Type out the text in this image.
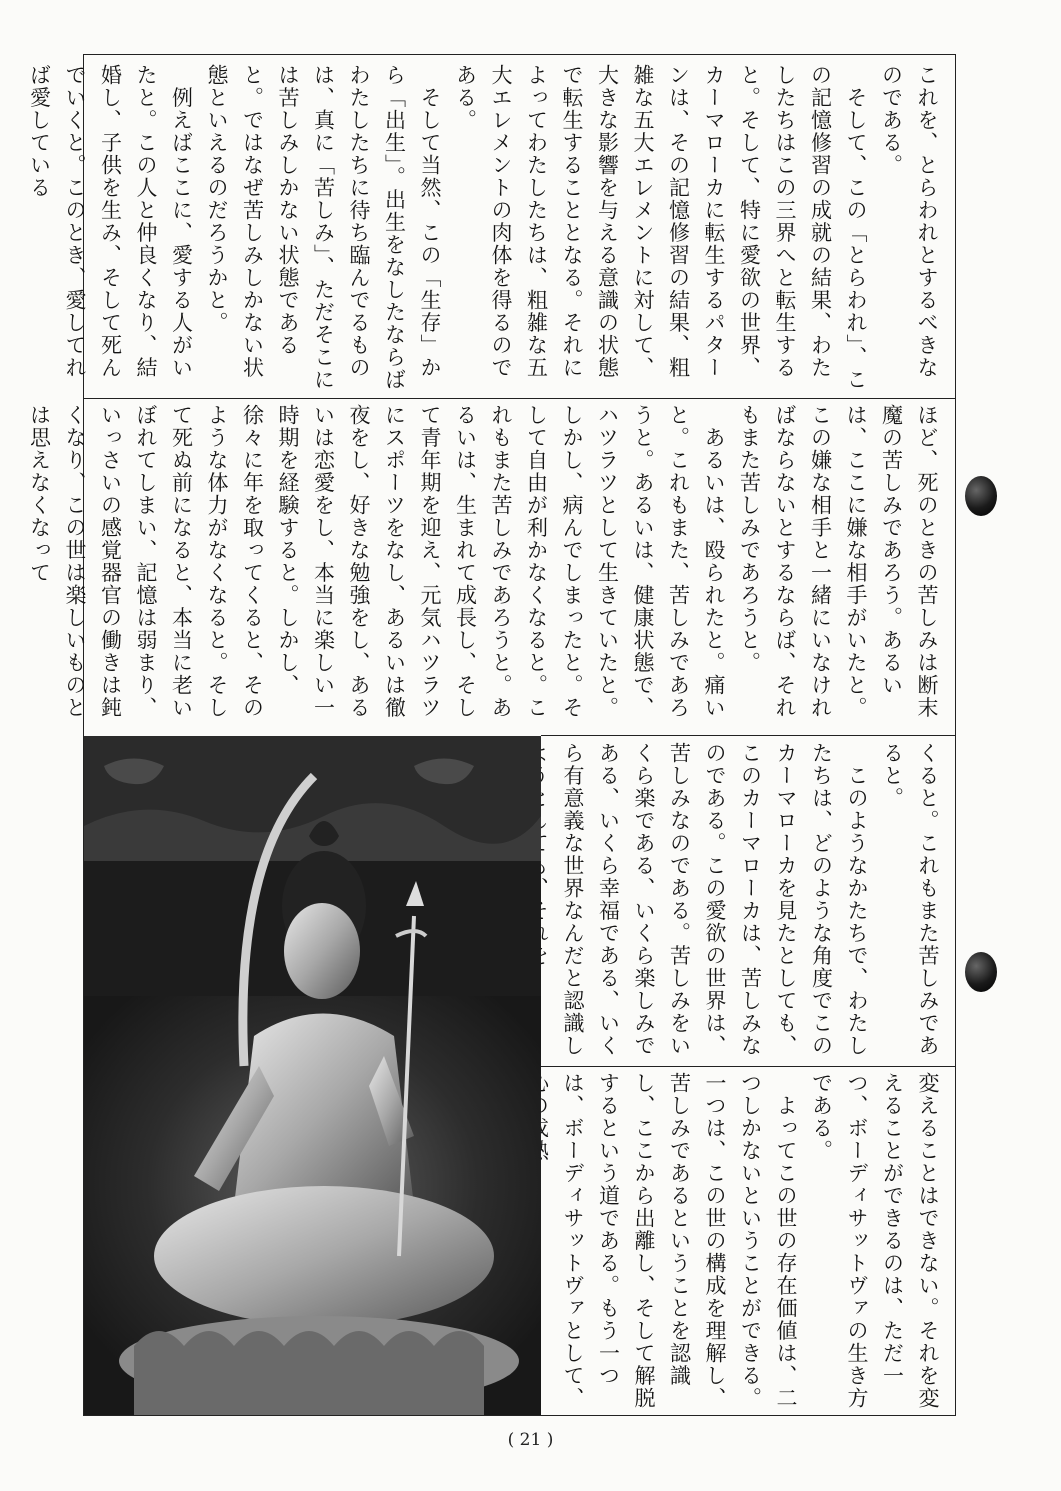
これを、とらわれとするべきなのである。
　そして、この「とらわれ」、この記憶修習の成就の結果、わたしたちはこの三界へと転生すると。そして、特に愛欲の世界、カーマローカに転生するパターンは、その記憶修習の結果、粗雑な五大エレメントに対して、大きな影響を与える意識の状態で転生することとなる。それによってわたしたちは、粗雑な五大エレメントの肉体を得るのである。
　そして当然、この「生存」から「出生」。出生をなしたならばわたしたちに待ち臨んでるものは、真に「苦しみ」、ただそこには苦しみしかない状態であると。ではなぜ苦しみしかない状態といえるのだろうかと。
　例えばここに、愛する人がいたと。この人と仲良くなり、結婚し、子供を生み、そして死んでいくと。このとき、愛してれば愛している
ほど、死のときの苦しみは断末魔の苦しみであろう。あるいは、ここに嫌な相手がいたと。この嫌な相手と一緒にいなければならないとするならば、それもまた苦しみであろうと。
　あるいは、殴られたと。痛いと。これもまた、苦しみであろうと。あるいは、健康状態で、ハツラツとして生きていたと。しかし、病んでしまったと。そして自由が利かなくなると。これもまた苦しみであろうと。あるいは、生まれて成長し、そして青年期を迎え、元気ハツラツにスポーツをなし、あるいは徹夜をし、好きな勉強をし、あるいは恋愛をし、本当に楽しい一時期を経験すると。しかし、徐々に年を取ってくると、そのような体力がなくなると。そして死ぬ前になると、本当に老いぼれてしまい、記憶は弱まり、いっさいの感覚器官の働きは鈍くなり、この世は楽しいものとは思えなくなって
くると。これもまた苦しみであると。
　このようなかたちで、わたしたちは、どのような角度でこのカーマローカを見たとしても、このカーマローカは、苦しみなのである。この愛欲の世界は、苦しみなのである。苦しみをいくら楽である、いくら楽しみである、いくら幸福である、いくら有意義な世界なんだと認識し
変えることはできない。それを変えることができるのは、ただ一つ、ボーディサットヴァの生き方である。
　よってこの世の存在価値は、二つしかないということができる。一つは、この世の構成を理解し、苦しみであるということを認識し、ここから出離し、そして解脱するという道である。もう一つは、ボーディサットヴァとして、
( 21 )
